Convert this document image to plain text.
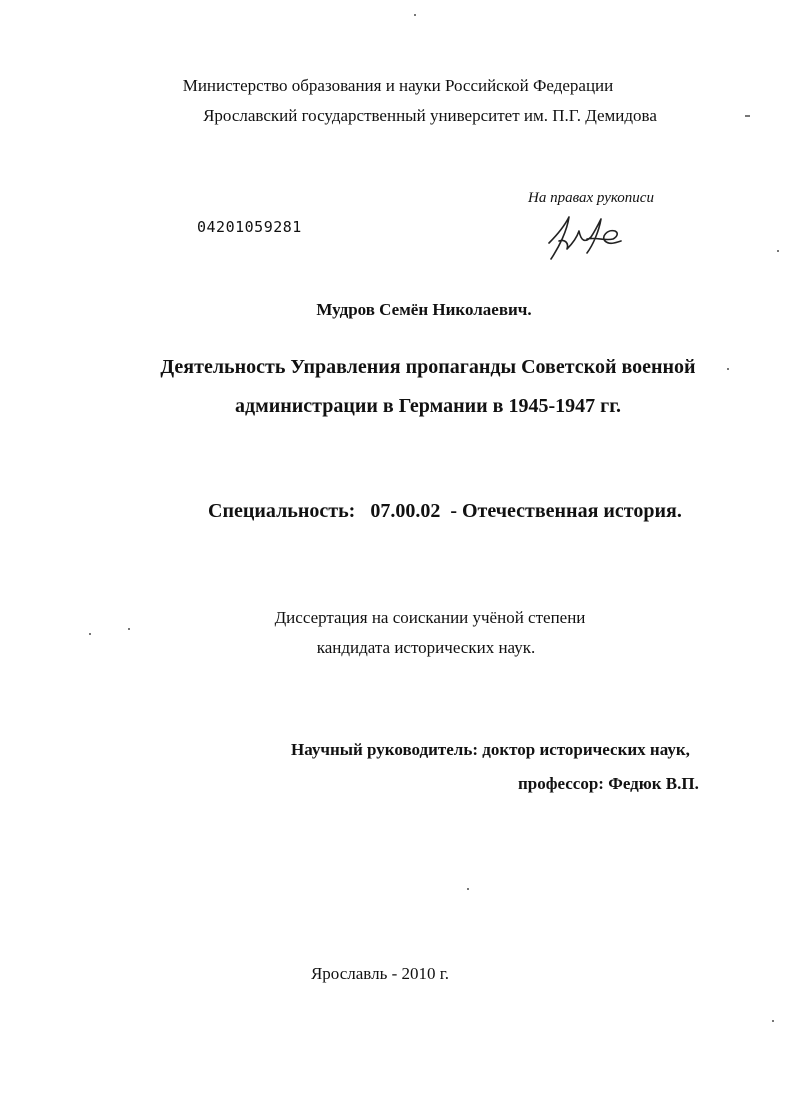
Министерство образования и науки Российской Федерации
Ярославский государственный университет им. П.Г. Демидова
На правах рукописи
04201059281
Мудров Семён Николаевич.
Деятельность Управления пропаганды Советской военной
администрации в Германии в 1945-1947 гг.
Специальность: 07.00.02 - Отечественная история.
Диссертация на соискании учёной степени
кандидата исторических наук.
Научный руководитель: доктор исторических наук,
профессор: Федюк В.П.
Ярославль - 2010 г.
